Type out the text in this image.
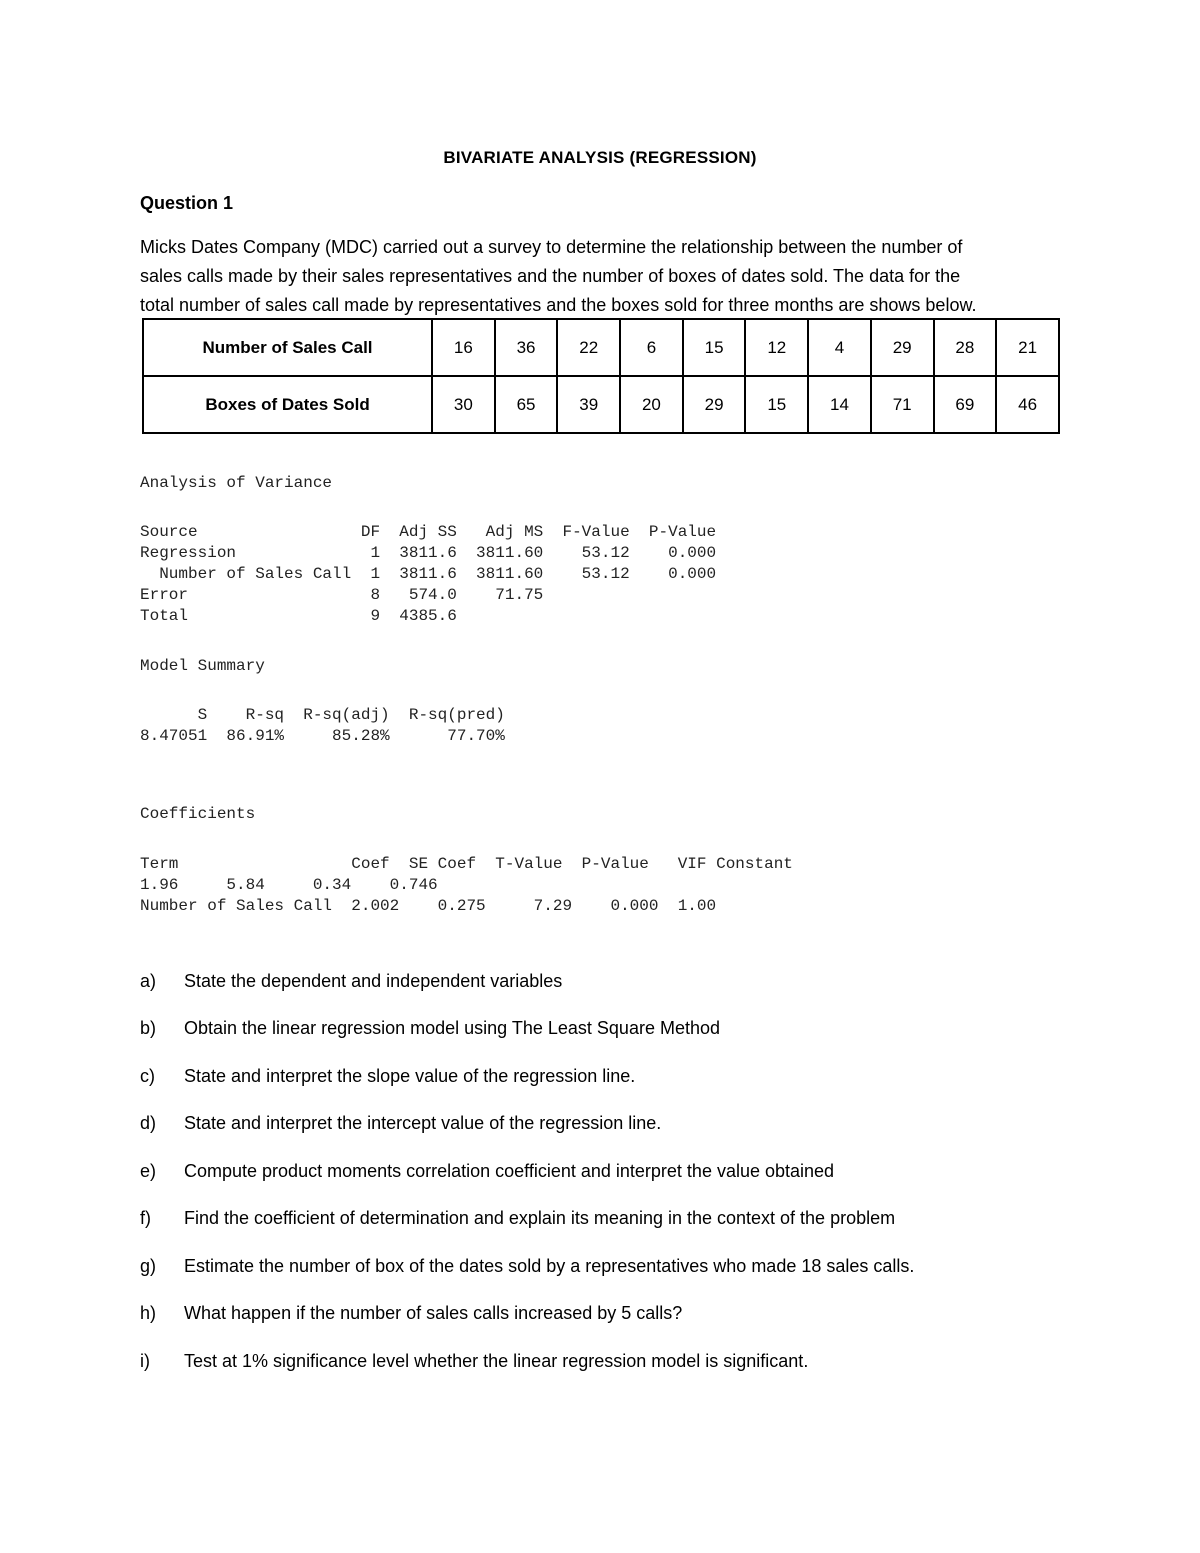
BIVARIATE ANALYSIS (REGRESSION)
Question 1
Micks Dates Company (MDC) carried out a survey to determine the relationship between the number of
sales calls made by their sales representatives and the number of boxes of dates sold. The data for the
total number of sales call made by representatives and the boxes sold for three months are shows below.
Number of Sales Call	16	36	22	6	15	12	4	29	28	21
Boxes of Dates Sold	30	65	39	20	29	15	14	71	69	46
Analysis of Variance
Source                 DF  Adj SS   Adj MS  F-Value  P-Value
Regression              1  3811.6  3811.60    53.12    0.000
Number of Sales Call  1  3811.6  3811.60    53.12    0.000
Error                   8   574.0    71.75
Total                   9  4385.6
Model Summary
S    R-sq  R-sq(adj)  R-sq(pred)
8.47051  86.91%     85.28%      77.70%
Coefficients
Term                  Coef  SE Coef  T-Value  P-Value   VIF Constant
1.96     5.84     0.34    0.746
Number of Sales Call  2.002    0.275     7.29    0.000  1.00
a) State the dependent and independent variables
b) Obtain the linear regression model using The Least Square Method
c) State and interpret the slope value of the regression line.
d) State and interpret the intercept value of the regression line.
e) Compute product moments correlation coefficient and interpret the value obtained
f) Find the coefficient of determination and explain its meaning in the context of the problem
g) Estimate the number of box of the dates sold by a representatives who made 18 sales calls.
h) What happen if the number of sales calls increased by 5 calls?
i) Test at 1% significance level whether the linear regression model is significant.
